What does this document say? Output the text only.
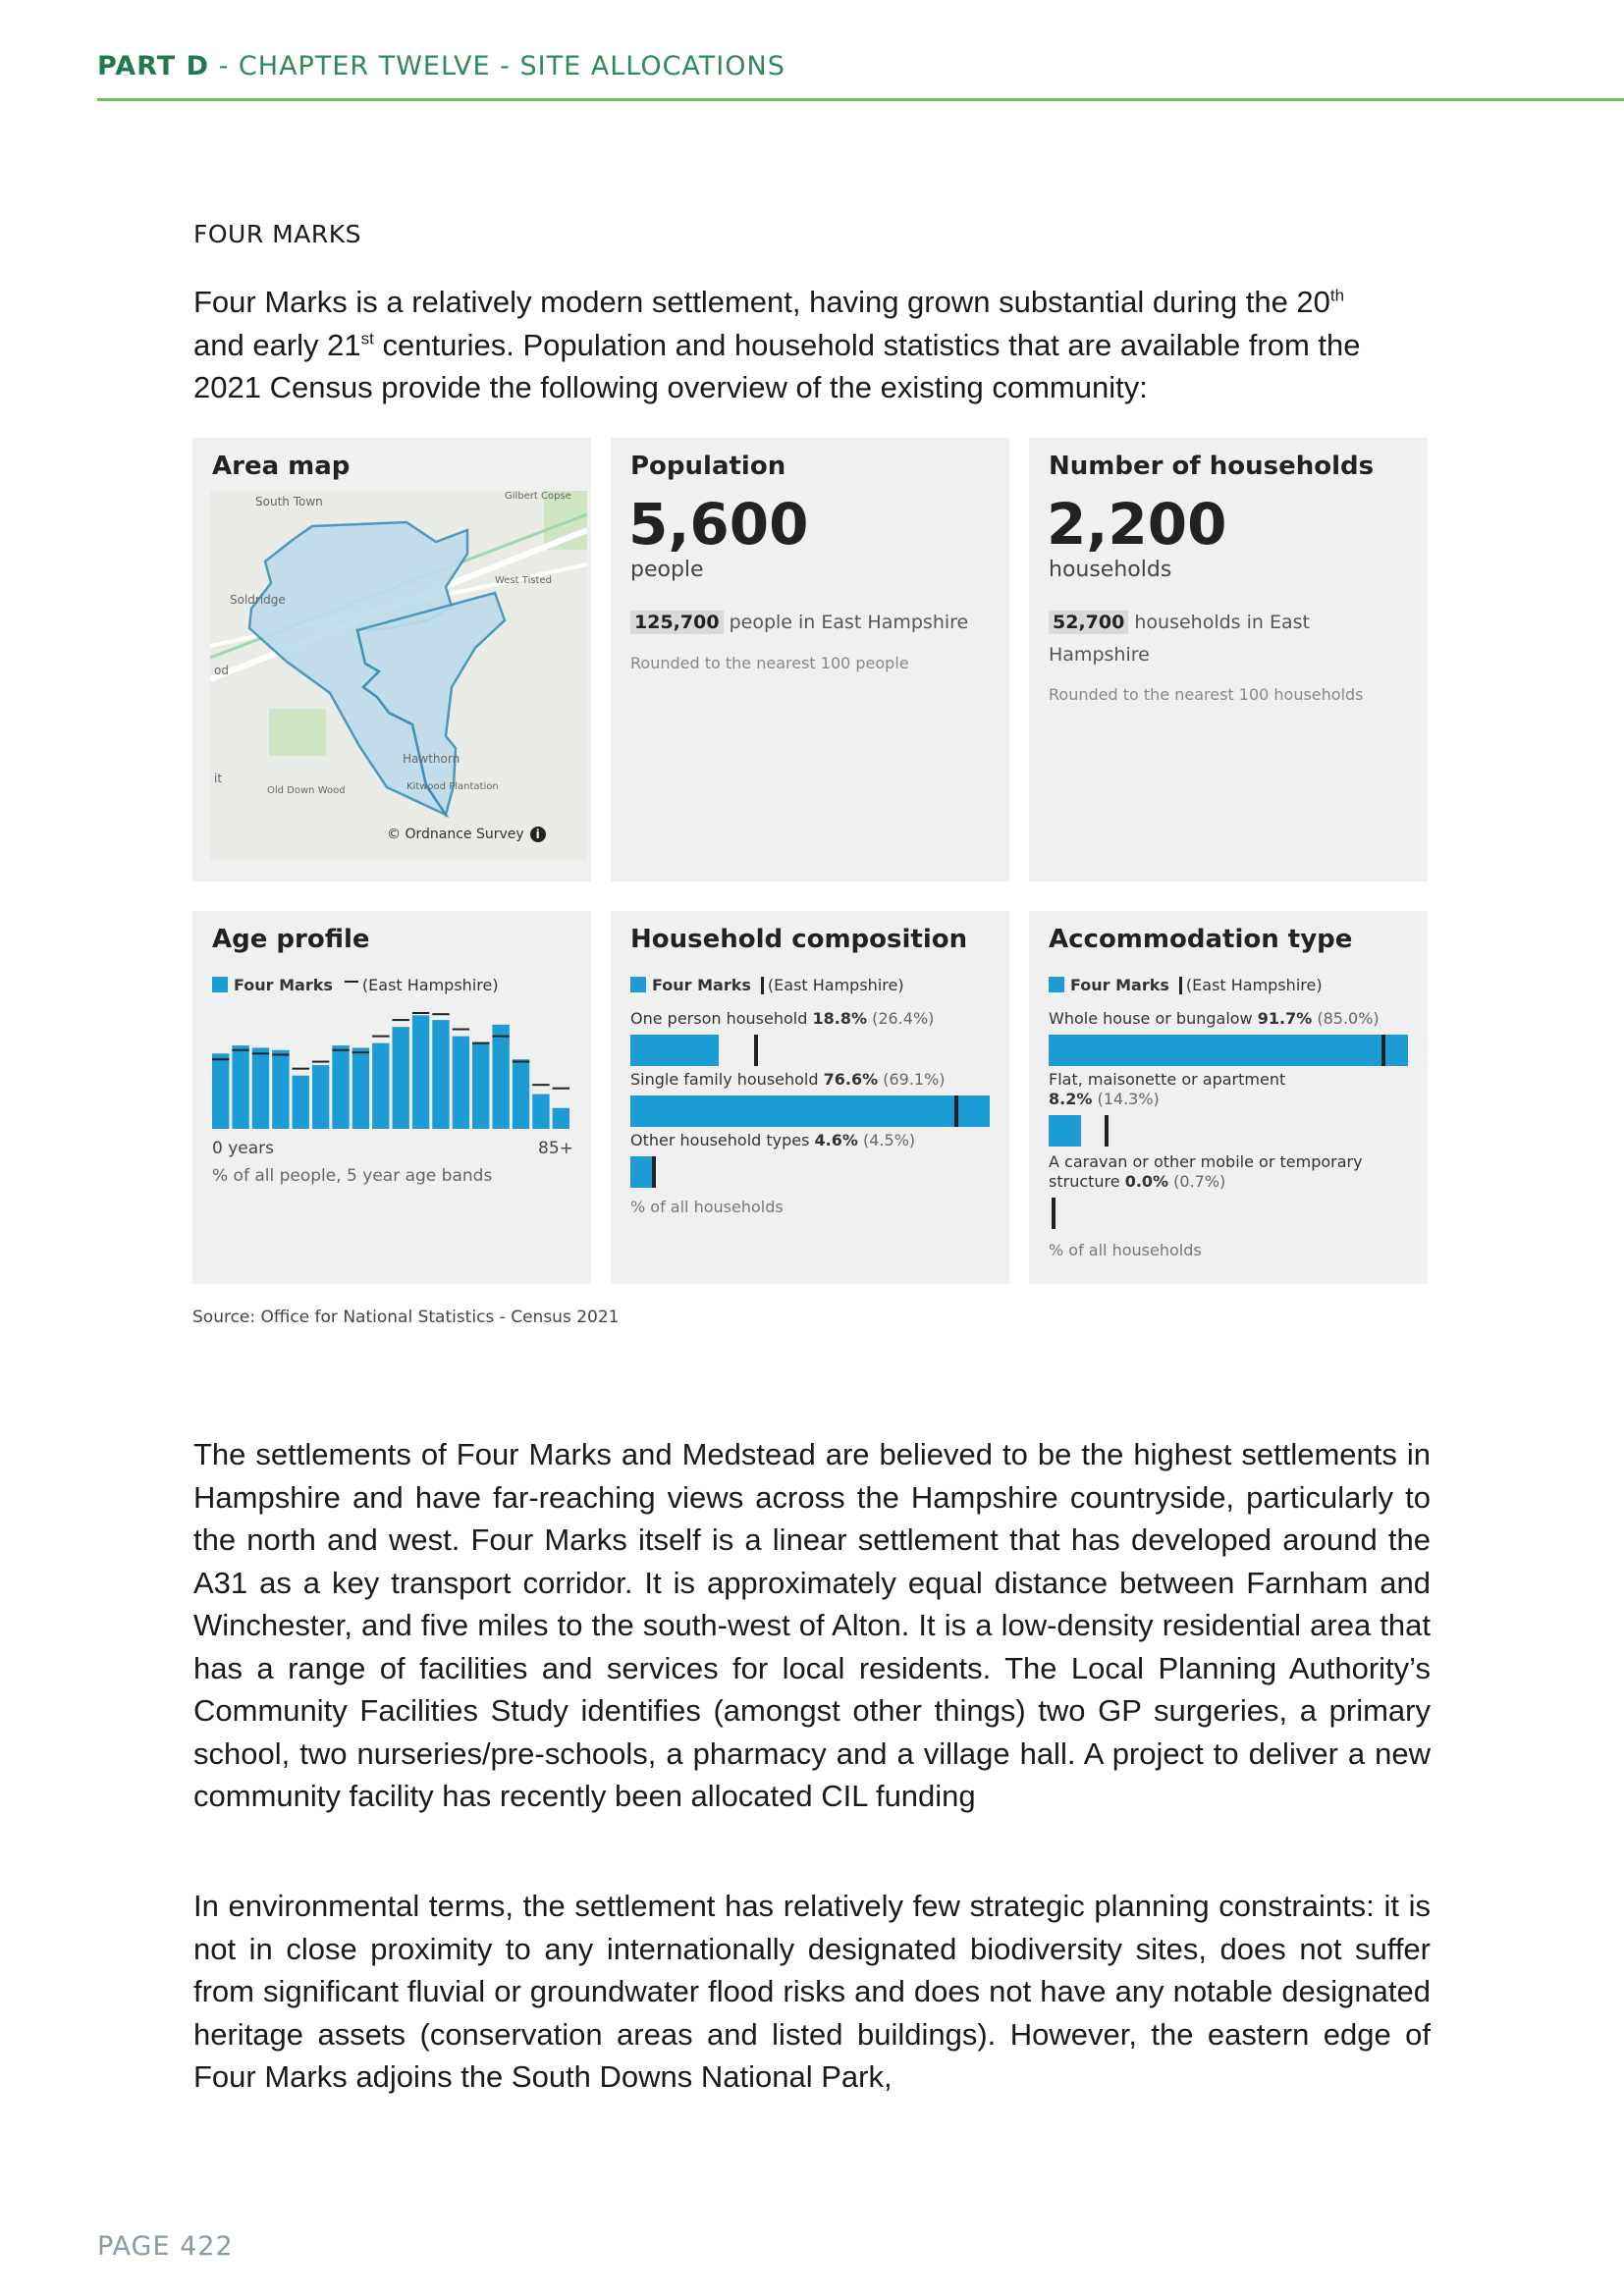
PART D - CHAPTER TWELVE - SITE ALLOCATIONS
FOUR MARKS
Four Marks is a relatively modern settlement, having grown substantial during the 20th
and early 21st centuries. Population and household statistics that are available from the
2021 Census provide the following overview of the existing community:
Area map
South Town	Gilbert Copse
Soldridge
West Tisted
Hawthorn
Kitwood Plantation
Old Down Wood
od
it
© Ordnance Survey i
Population
5,600
people
125,700 people in East Hampshire
Rounded to the nearest 100 people
Number of households
2,200
households
52,700 households in East Hampshire
Rounded to the nearest 100 households
Age profile
Four Marks (East Hampshire)
0 years	85+
% of all people, 5 year age bands
Household composition
Four Marks (East Hampshire)
One person household 18.8% (26.4%)
Single family household 76.6% (69.1%)
Other household types 4.6% (4.5%)
% of all households
Accommodation type
Four Marks (East Hampshire)
Whole house or bungalow 91.7% (85.0%)
Flat, maisonette or apartment
8.2% (14.3%)
A caravan or other mobile or temporary structure 0.0% (0.7%)
% of all households
Source: Office for National Statistics - Census 2021
The settlements of Four Marks and Medstead are believed to be the highest settlements in Hampshire and have far-reaching views across the Hampshire countryside, particularly to the north and west. Four Marks itself is a linear settlement that has developed around the A31 as a key transport corridor. It is approximately equal distance between Farnham and Winchester, and five miles to the south-west of Alton. It is a low-density residential area that has a range of facilities and services for local residents. The Local Planning Authority’s Community Facilities Study identifies (amongst other things) two GP surgeries, a primary school, two nurseries/pre-schools, a pharmacy and a village hall. A project to deliver a new community facility has recently been allocated CIL funding
In environmental terms, the settlement has relatively few strategic planning constraints: it is not in close proximity to any internationally designated biodiversity sites, does not suffer from significant fluvial or groundwater flood risks and does not have any notable designated heritage assets (conservation areas and listed buildings). However, the eastern edge of Four Marks adjoins the South Downs National Park,
PAGE 422
